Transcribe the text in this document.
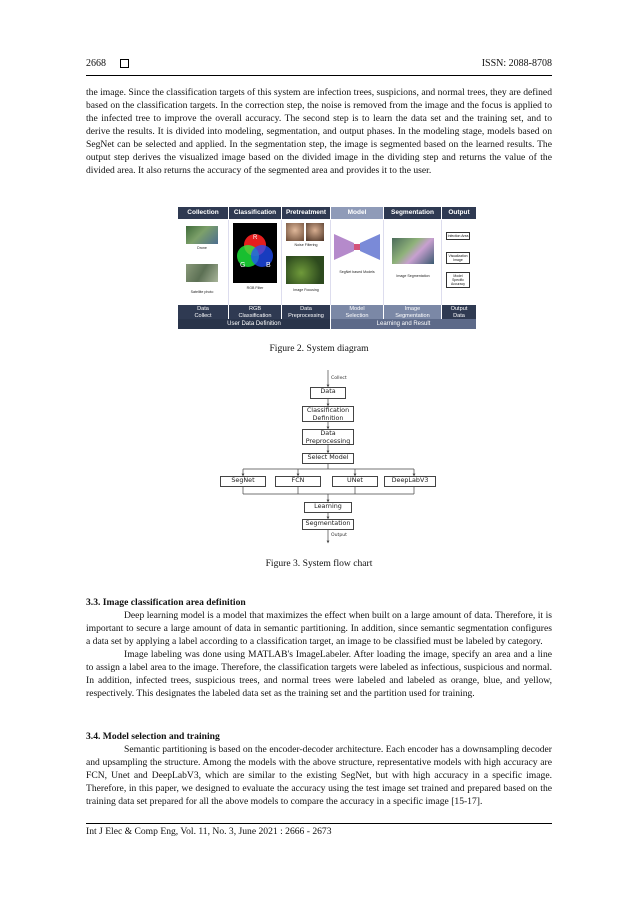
2668	ISSN: 2088-8708

the image. Since the classification targets of this system are infection trees, suspicions, and normal trees, they are defined based on the classification targets. In the correction step, the noise is removed from the image and the focus is applied to the infected tree to improve the overall accuracy. The second step is to learn the data set and the training set, and to derive the results. It is divided into modeling, segmentation, and output phases. In the modeling stage, models based on SegNet can be selected and applied. In the segmentation step, the image is segmented based on the learned results. The output step derives the visualized image based on the divided image in the dividing step and returns the value of the divided area. It also returns the accuracy of the segmented area and provides it to the user.

Collection	Classification	Pretreatment	Model	Segmentation	Output
Drone
Satellite photo
R
G	B
RGB Filter
Noise Filtering
Image Focusing
SegNet based Models
Image Segmentation
Infection Area
Visualization Image
Model Specific Accuracy
Data
Collect
RGB
Classification
Data
Preprocessing
Model
Selection
Image
Segmentation
Output
Data
User Data Definition	Learning and Result
Figure 2. System diagram
Collect
Data
Classification
Definition
Data
Preprocessing
Select Model
SegNet	FCN	UNet	DeepLabV3
Learning
Segmentation
Output
Figure 3. System flow chart
3.3. Image classification area definition

Deep learning model is a model that maximizes the effect when built on a large amount of data. Therefore, it is important to secure a large amount of data in semantic partitioning. In addition, since semantic segmentation configures a data set by applying a label according to a classification target, an image to be classified must be labeled by category.

Image labeling was done using MATLAB's ImageLabeler. After loading the image, specify an area and a line to assign a label area to the image. Therefore, the classification targets were labeled as infectious, suspicious and normal. In addition, infected trees, suspicious trees, and normal trees were labeled and labeled as orange, blue, and yellow, respectively. This designates the labeled data set as the training set and the partition used for training.

3.4. Model selection and training

Semantic partitioning is based on the encoder-decoder architecture. Each encoder has a downsampling decoder and upsampling the structure. Among the models with the above structure, representative models with high accuracy are FCN, Unet and DeepLabV3, which are similar to the existing SegNet, but with high accuracy in a specific image. Therefore, in this paper, we designed to evaluate the accuracy using the test image set trained and prepared based on the training data set prepared for all the above models to compare the accuracy in a specific image [15-17].

Int J Elec & Comp Eng, Vol. 11, No. 3, June 2021 : 2666 - 2673
